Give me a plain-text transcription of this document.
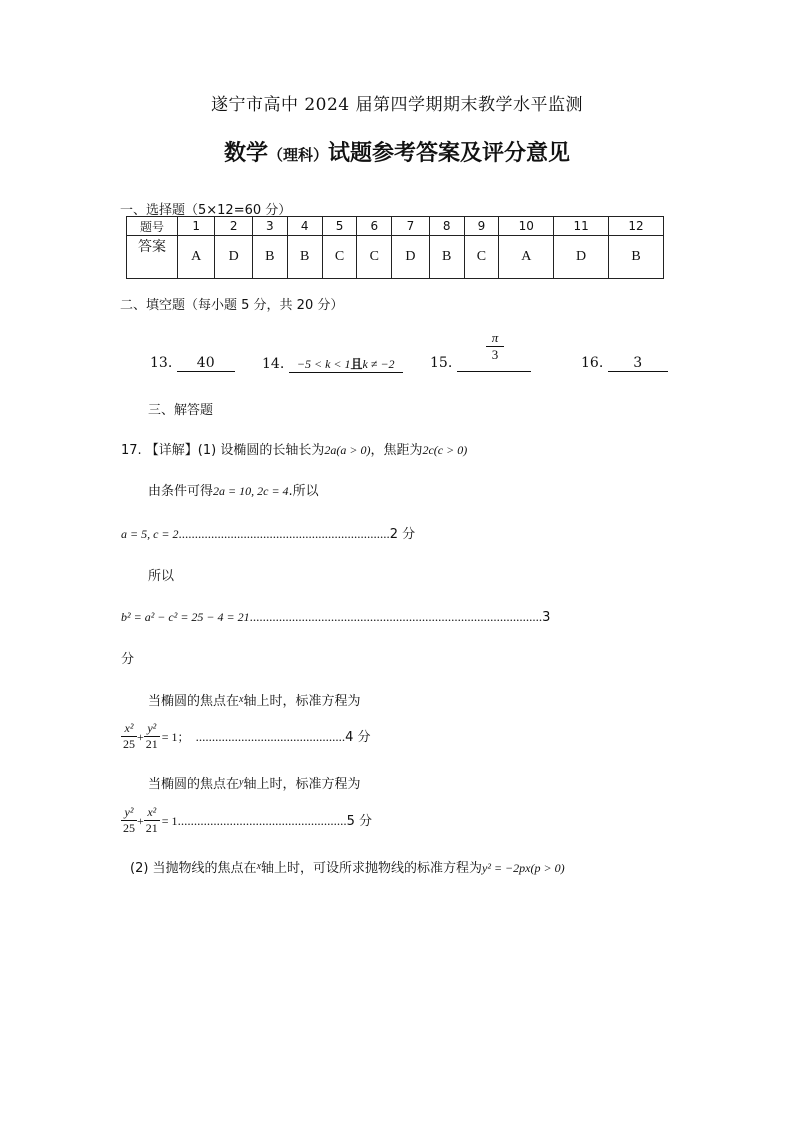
遂宁市高中 2024 届第四学期期末教学水平监测
数学（理科）试题参考答案及评分意见
一、选择题（5×12=60 分）
题号	1	2	3	4	5	6	7	8	9	10	11	12
答案	A	D	B	B	C	C	D	B	C	A	D	B
二、填空题（每小题 5 分，共 20 分）
13. 40	14. −5 < k < 1且k ≠ −2	15.	$\frac{\pi}{3}$	16. 3
三、解答题
17. 【详解】(1) 设椭圆的长轴长为2a(a > 0)，焦距为2c(c > 0)
由条件可得2a = 10, 2c = 4.所以
a = 5, c = 2.................................................................2 分
所以
b² = a² − c² = 25 − 4 = 21..........................................................................................3
分
当椭圆的焦点在$^x$轴上时，标准方程为
$\frac{\text{x²}}{25} + \frac{\text{y²}}{21} = 1$； ..............................................4 分
当椭圆的焦点在$^y$轴上时，标准方程为
$\frac{\text{y²}}{25} + \frac{\text{x²}}{21} = 1....................................................5$ 分
(2) 当抛物线的焦点在$^x$轴上时，可设所求抛物线的标准方程为y² = −2px(p > 0)
